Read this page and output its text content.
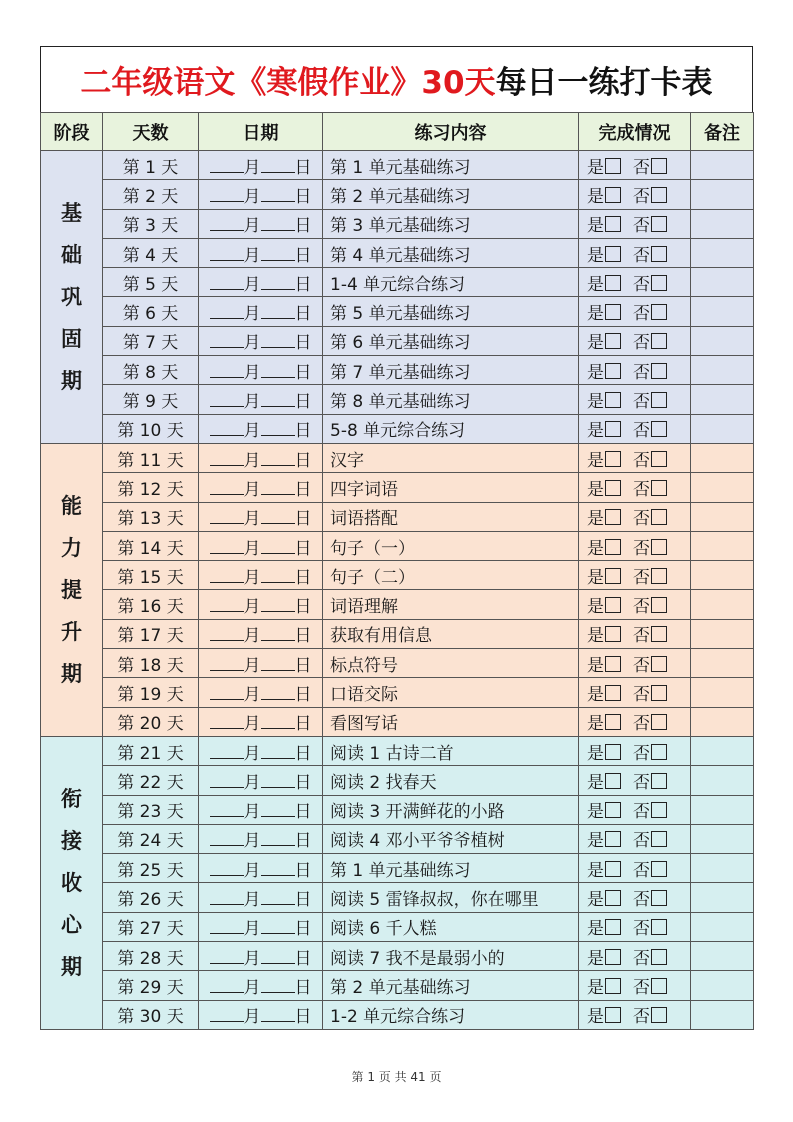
二年级语文《寒假作业》30天 每日一练打卡表
阶段	天数	日期	练习内容	完成情况	备注

基
础
巩
固
期	第 1 天	月 日	第 1 单元基础练习	是 否	
	第 2 天	月 日	第 2 单元基础练习	是 否	
	第 3 天	月 日	第 3 单元基础练习	是 否	
	第 4 天	月 日	第 4 单元基础练习	是 否	
	第 5 天	月 日	1-4 单元综合练习	是 否	
	第 6 天	月 日	第 5 单元基础练习	是 否	
	第 7 天	月 日	第 6 单元基础练习	是 否	
	第 8 天	月 日	第 7 单元基础练习	是 否	
	第 9 天	月 日	第 8 单元基础练习	是 否	
	第 10 天	月 日	5-8 单元综合练习	是 否	

能
力
提
升
期	第 11 天	月 日	汉字	是 否	
	第 12 天	月 日	四字词语	是 否	
	第 13 天	月 日	词语搭配	是 否	
	第 14 天	月 日	句子（一）	是 否	
	第 15 天	月 日	句子（二）	是 否	
	第 16 天	月 日	词语理解	是 否	
	第 17 天	月 日	获取有用信息	是 否	
	第 18 天	月 日	标点符号	是 否	
	第 19 天	月 日	口语交际	是 否	
	第 20 天	月 日	看图写话	是 否	

衔
接
收
心
期	第 21 天	月 日	阅读 1 古诗二首	是 否	
	第 22 天	月 日	阅读 2 找春天	是 否	
	第 23 天	月 日	阅读 3 开满鲜花的小路	是 否	
	第 24 天	月 日	阅读 4 邓小平爷爷植树	是 否	
	第 25 天	月 日	第 1 单元基础练习	是 否	
	第 26 天	月 日	阅读 5 雷锋叔叔，你在哪里	是 否	
	第 27 天	月 日	阅读 6 千人糕	是 否	
	第 28 天	月 日	阅读 7 我不是最弱小的	是 否	
	第 29 天	月 日	第 2 单元基础练习	是 否	
	第 30 天	月 日	1-2 单元综合练习	是 否	
第 1 页 共 41 页
